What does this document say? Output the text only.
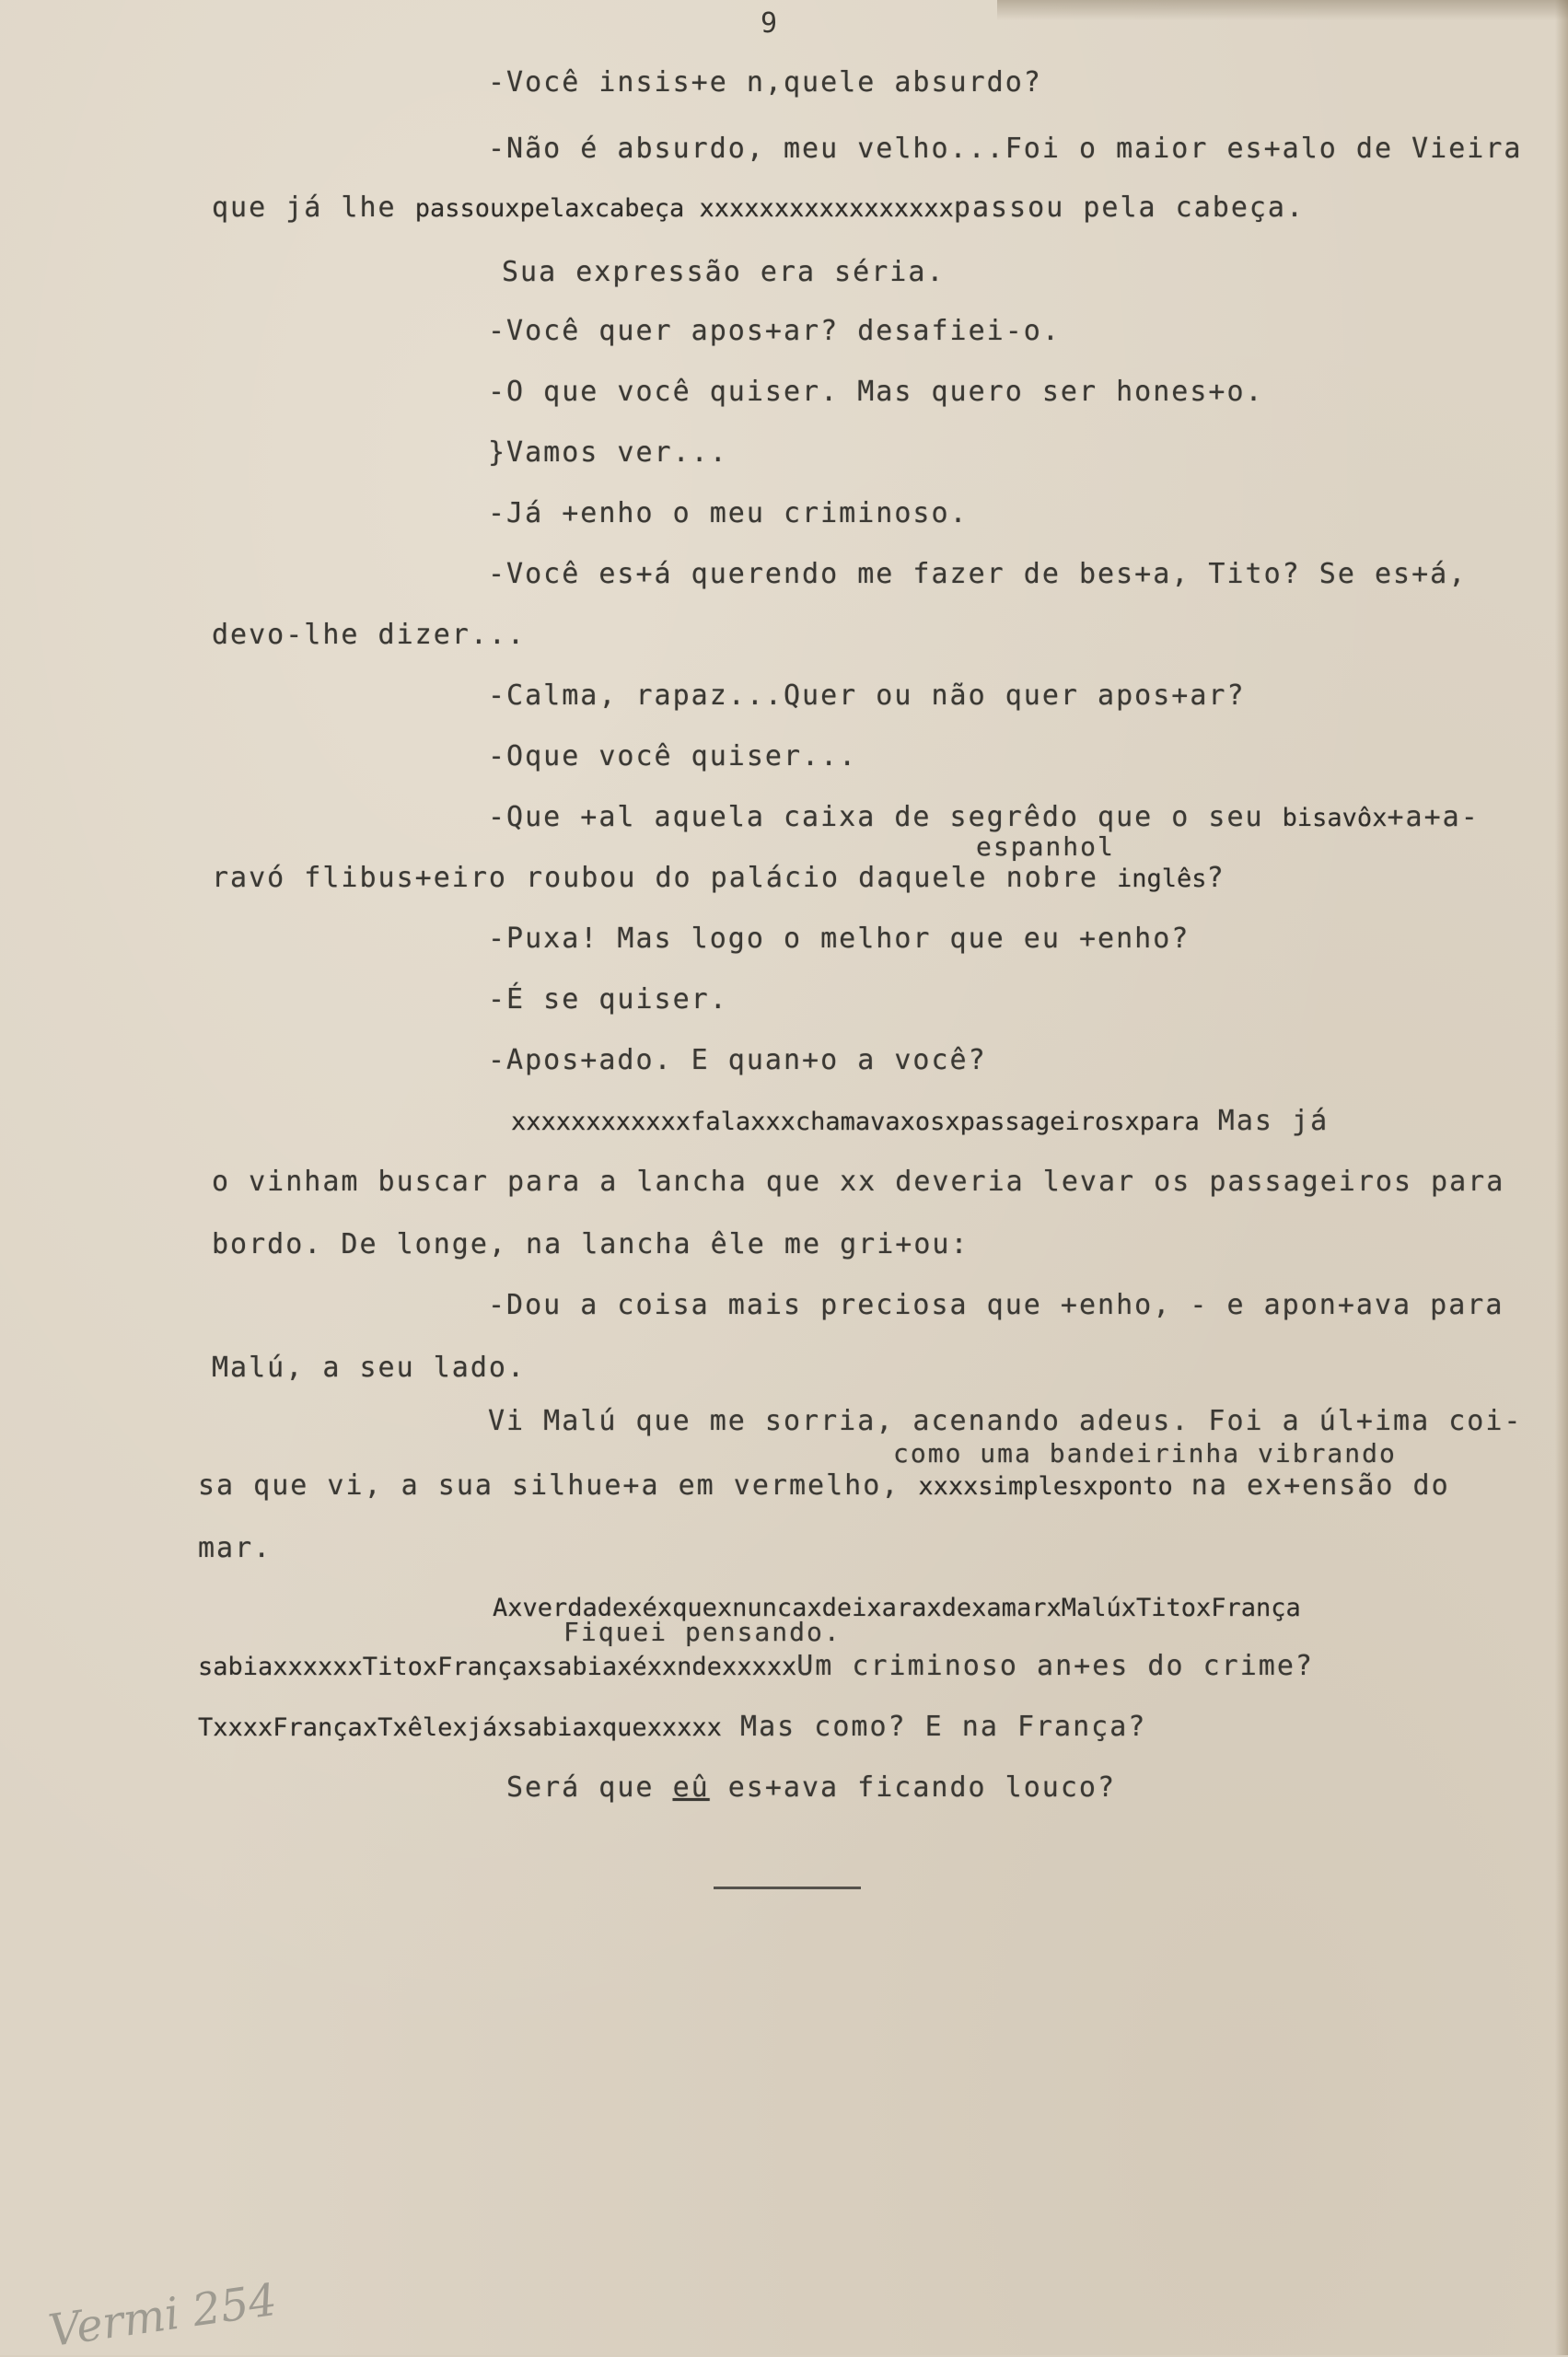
9
-Você insis+e n,quele absurdo?
-Não é absurdo, meu velho...Foi o maior es+alo de Vieira
que já lhe passouxpelaxcabeça xxxxxxxxxxxxxxxxxpassou pela cabeça.
Sua expressão era séria.
-Você quer apos+ar? desafiei-o.
-O que você quiser. Mas quero ser hones+o.
}Vamos ver...
-Já +enho o meu criminoso.
-Você es+á querendo me fazer de bes+a, Tito? Se es+á,
devo-lhe dizer...
-Calma, rapaz...Quer ou não quer apos+ar?
-Oque você quiser...
-Que +al aquela caixa de segrêdo que o seu bisavôx+a+a-
espanhol
ravó flibus+eiro roubou do palácio daquele nobre inglês?
-Puxa! Mas logo o melhor que eu +enho?
-É se quiser.
-Apos+ado. E quan+o a você?
xxxxxxxxxxxxfalaxxxchamavaxosxpassageirosxpara Mas já
o vinham buscar para a lancha que xx deveria levar os passageiros para
bordo. De longe, na lancha êle me gri+ou:
-Dou a coisa mais preciosa que +enho, - e apon+ava para
Malú, a seu lado.
Vi Malú que me sorria, acenando adeus. Foi a úl+ima coi-
como uma bandeirinha vibrando
sa que vi, a sua silhue+a em vermelho, xxxxsimplesxponto na ex+ensão do
mar.
AxverdadexéxquexnuncaxdeixaraxdexamarxMalúxTitoxFrança
Fiquei pensando.
sabiaxxxxxxTitoxFrançaxsabiaxéxxndexxxxxUm criminoso an+es do crime?
TxxxxFrançaxTxêlexjáxsabiaxquexxxxx Mas como? E na França?
Será que eû es+ava ficando louco?
Vermi 254
